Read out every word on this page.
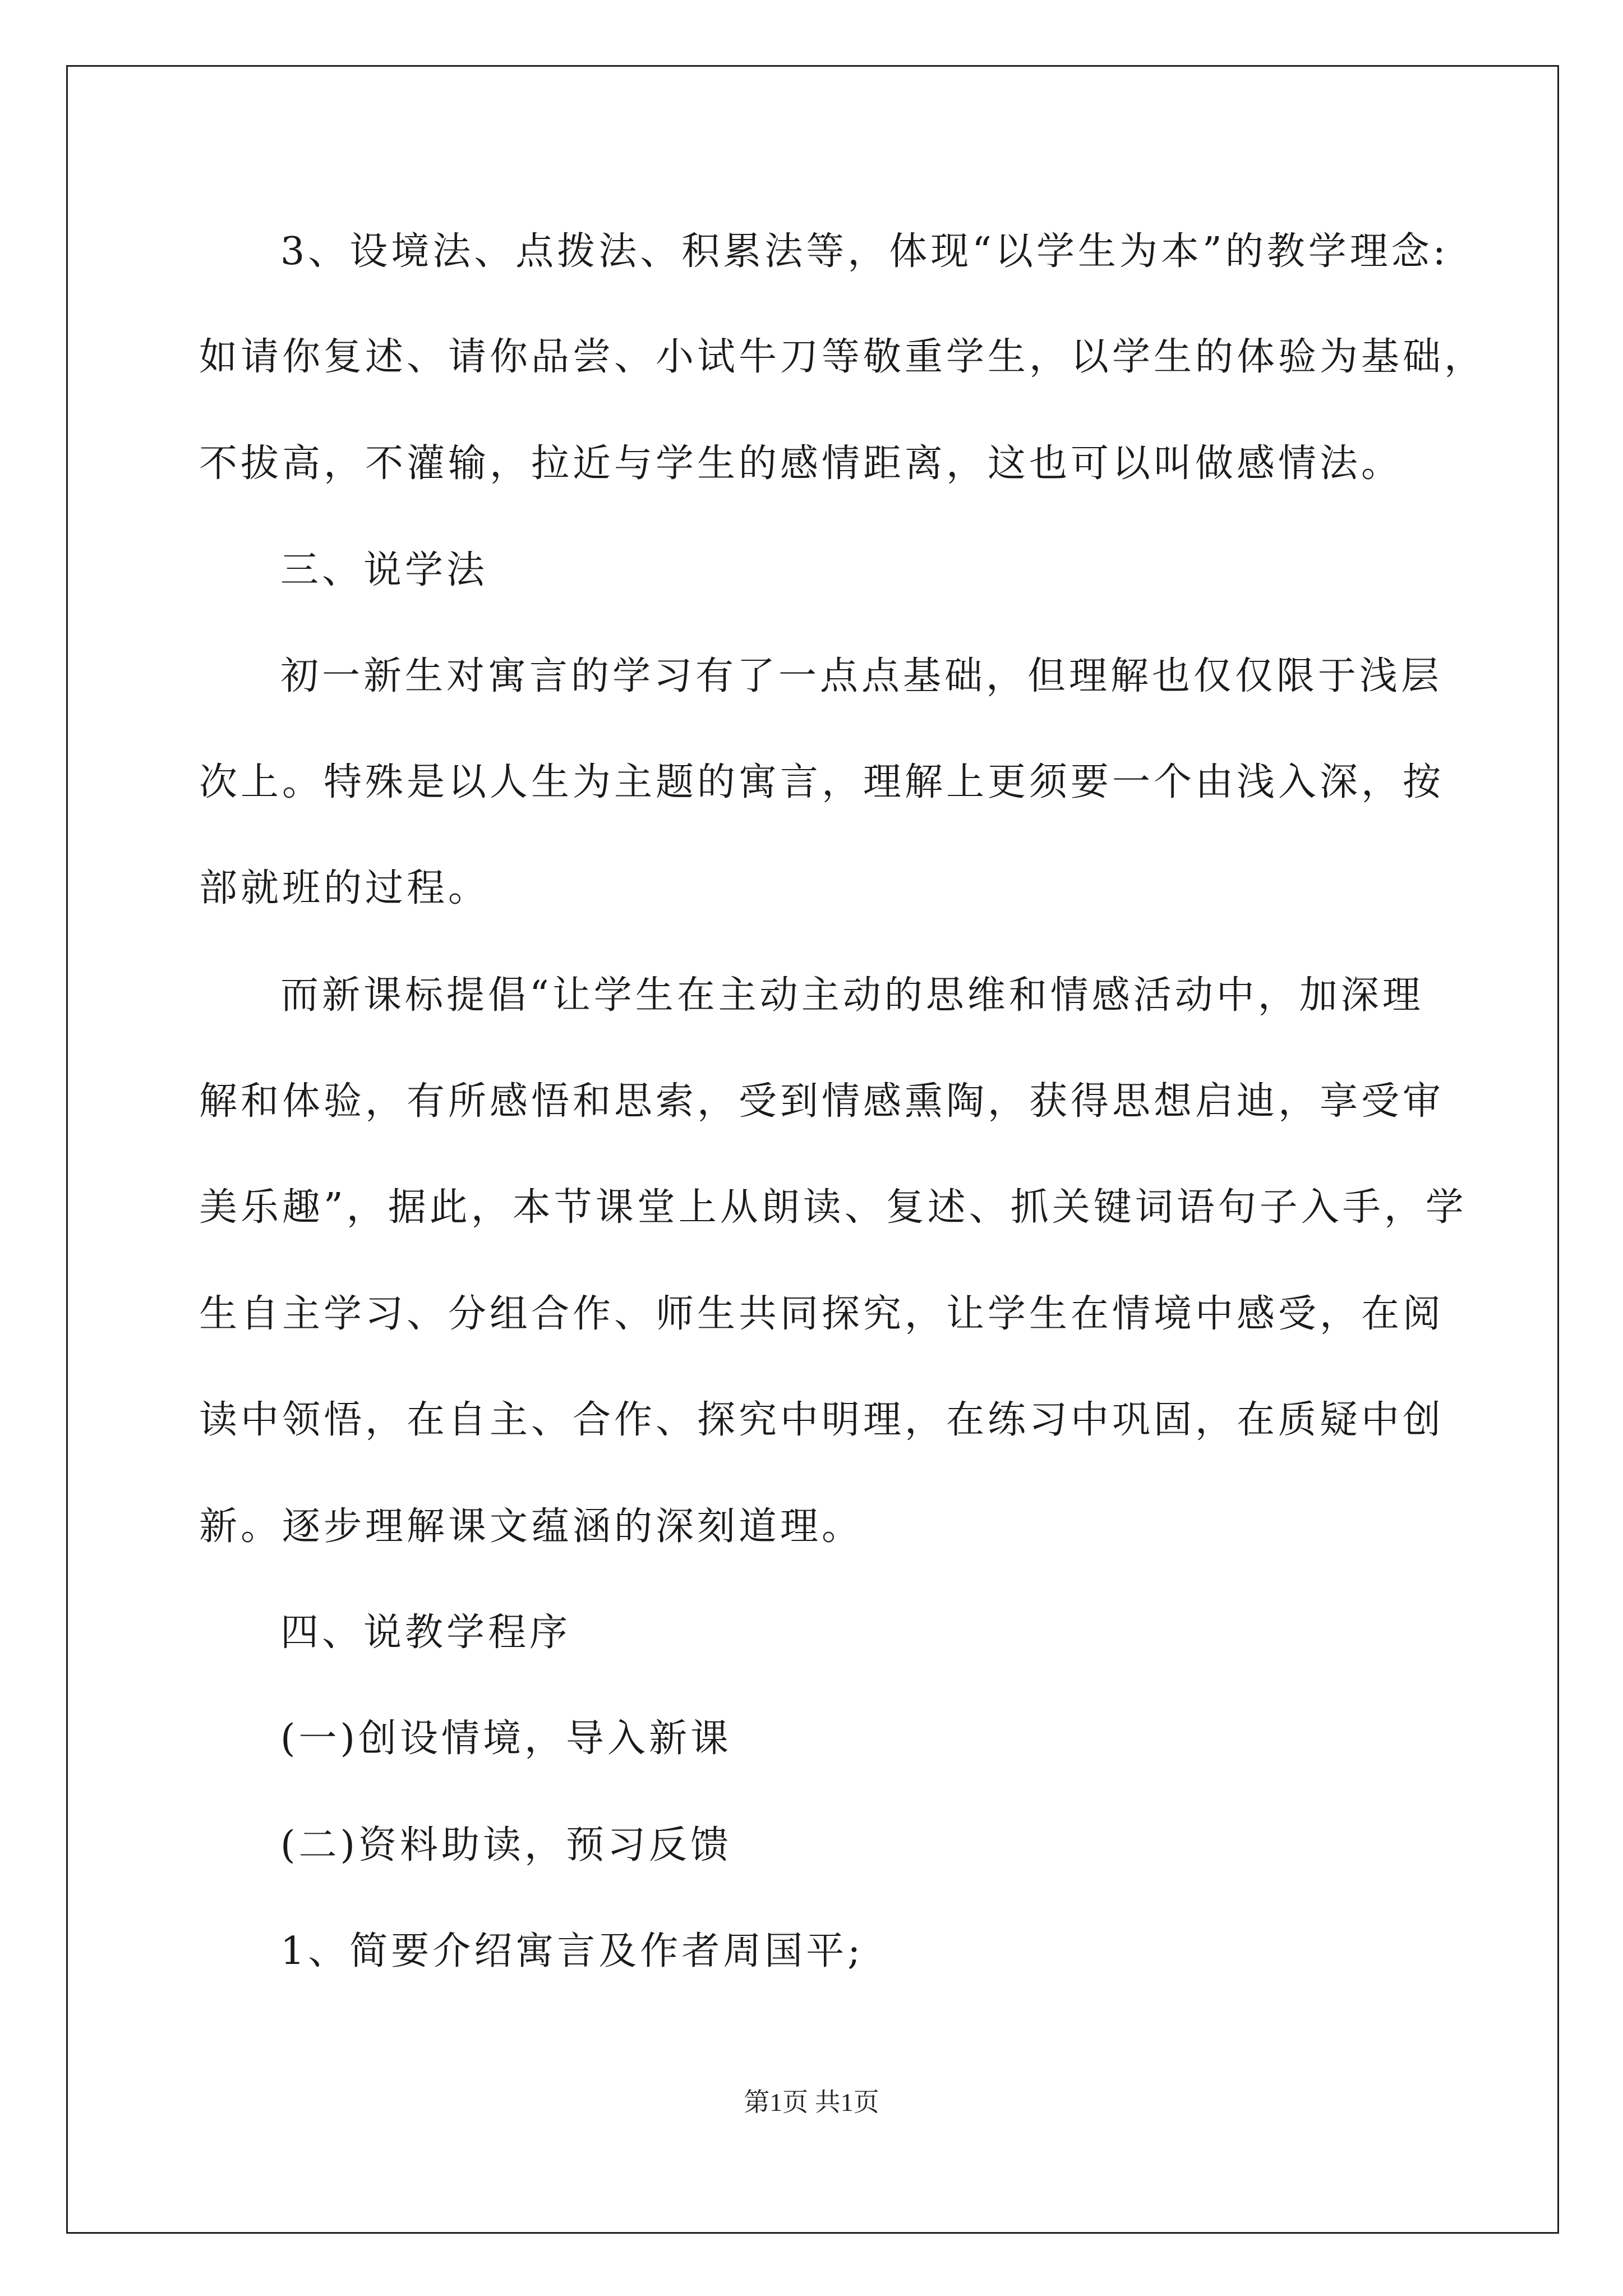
3、设境法、点拨法、积累法等，体现“以学生为本”的教学理念:
如请你复述、请你品尝、小试牛刀等敬重学生，以学生的体验为基础，
不拔高，不灌输，拉近与学生的感情距离，这也可以叫做感情法。
三、说学法
初一新生对寓言的学习有了一点点基础，但理解也仅仅限于浅层
次上。特殊是以人生为主题的寓言，理解上更须要一个由浅入深，按
部就班的过程。
而新课标提倡“让学生在主动主动的思维和情感活动中，加深理
解和体验，有所感悟和思索，受到情感熏陶，获得思想启迪，享受审
美乐趣”，据此，本节课堂上从朗读、复述、抓关键词语句子入手，学
生自主学习、分组合作、师生共同探究，让学生在情境中感受，在阅
读中领悟，在自主、合作、探究中明理，在练习中巩固，在质疑中创
新。逐步理解课文蕴涵的深刻道理。
四、说教学程序
(一)创设情境，导入新课
(二)资料助读，预习反馈
1、简要介绍寓言及作者周国平;
第1页 共1页
